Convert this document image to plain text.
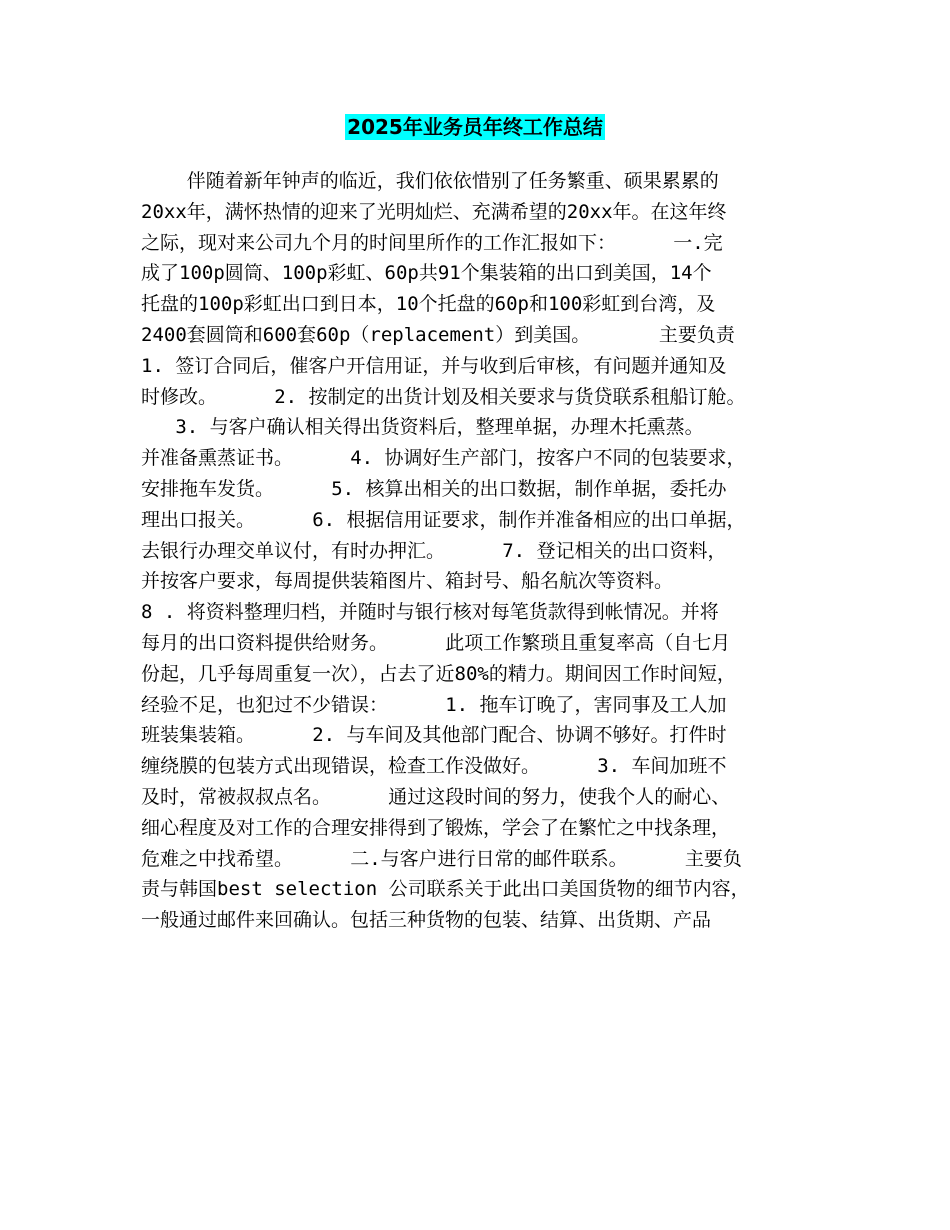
2025年业务员年终工作总结
伴随着新年钟声的临近，我们依依惜别了任务繁重、硕果累累的
20xx年，满怀热情的迎来了光明灿烂、充满希望的20xx年。在这年终
之际，现对来公司九个月的时间里所作的工作汇报如下：     一.完
成了100p圆筒、100p彩虹、60p共91个集装箱的出口到美国，14个
托盘的100p彩虹出口到日本，10个托盘的60p和100彩虹到台湾，及
2400套圆筒和600套60p（replacement）到美国。      主要负责
1. 签订合同后，催客户开信用证，并与收到后审核，有问题并通知及
时修改。     2. 按制定的出货计划及相关要求与货贷联系租船订舱。
3. 与客户确认相关得出货资料后，整理单据，办理木托熏蒸。
并准备熏蒸证书。     4. 协调好生产部门，按客户不同的包装要求，
安排拖车发货。     5. 核算出相关的出口数据，制作单据，委托办
理出口报关。     6. 根据信用证要求，制作并准备相应的出口单据，
去银行办理交单议付，有时办押汇。     7. 登记相关的出口资料，
并按客户要求，每周提供装箱图片、箱封号、船名航次等资料。
8 . 将资料整理归档，并随时与银行核对每笔货款得到帐情况。并将
每月的出口资料提供给财务。     此项工作繁琐且重复率高（自七月
份起，几乎每周重复一次），占去了近80%的精力。期间因工作时间短，
经验不足，也犯过不少错误：     1. 拖车订晚了，害同事及工人加
班装集装箱。     2. 与车间及其他部门配合、协调不够好。打件时
缠绕膜的包装方式出现错误，检查工作没做好。     3. 车间加班不
及时，常被叔叔点名。     通过这段时间的努力，使我个人的耐心、
细心程度及对工作的合理安排得到了锻炼，学会了在繁忙之中找条理，
危难之中找希望。     二.与客户进行日常的邮件联系。     主要负
责与韩国best selection 公司联系关于此出口美国货物的细节内容，
一般通过邮件来回确认。包括三种货物的包装、结算、出货期、产品
